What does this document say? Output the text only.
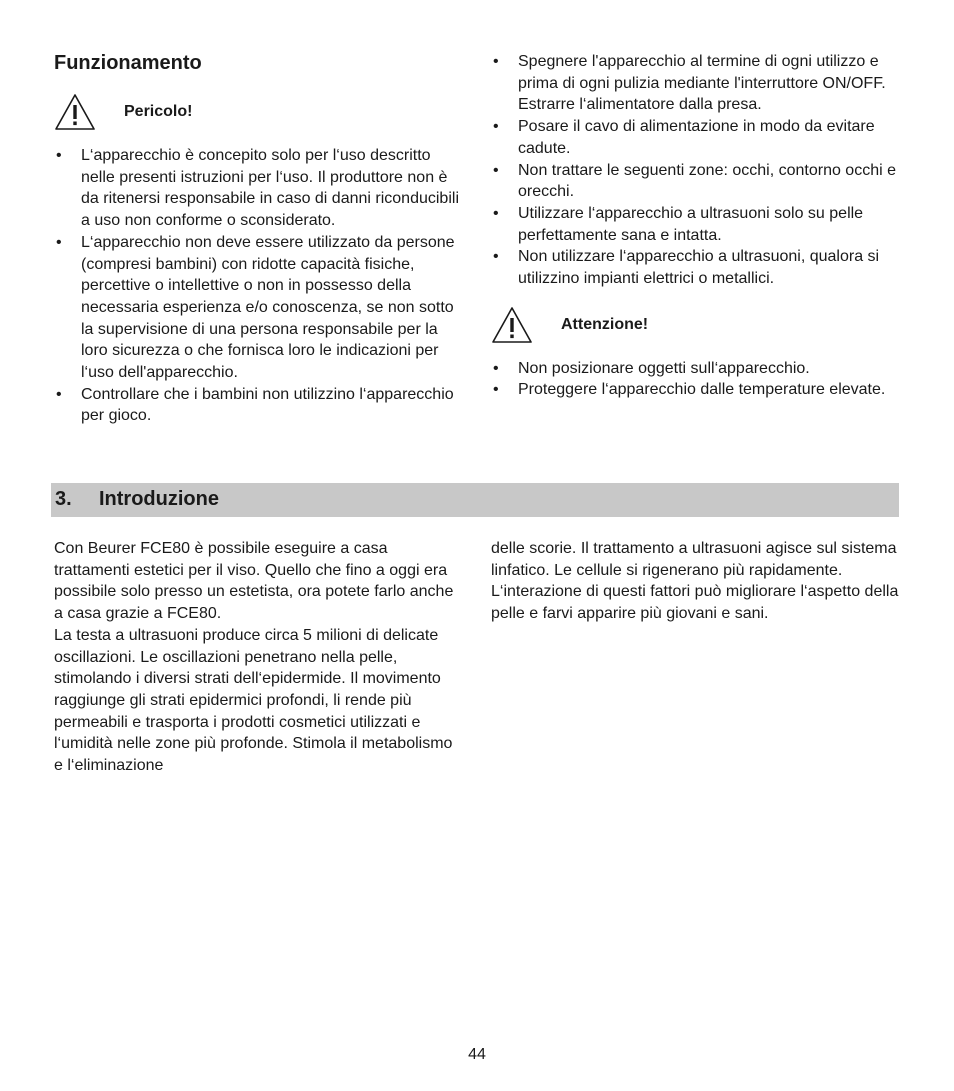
Funzionamento
Pericolo!
• L‘apparecchio è concepito solo per l‘uso descritto nelle presenti istruzioni per l‘uso. Il produttore non è da ritenersi responsabile in caso di danni riconducibili a uso non conforme o sconsiderato.
• L‘apparecchio non deve essere utilizzato da persone (compresi bambini) con ridotte capacità fisiche, percettive o intellettive o non in possesso della necessaria esperienza e/o conoscenza, se non sotto la supervisione di una persona responsabile per la loro sicurezza o che fornisca loro le indicazioni per l‘uso dell'apparecchio.
• Controllare che i bambini non utilizzino l‘apparecchio per gioco.
• Spegnere l'apparecchio al termine di ogni utilizzo e prima di ogni pulizia mediante l'interruttore ON/OFF. Estrarre l‘alimentatore dalla presa.
• Posare il cavo di alimentazione in modo da evitare cadute.
• Non trattare le seguenti zone: occhi, contorno occhi e orecchi.
• Utilizzare l‘apparecchio a ultrasuoni solo su pelle perfettamente sana e intatta.
• Non utilizzare l‘apparecchio a ultrasuoni, qualora si utilizzino impianti elettrici o metallici.
Attenzione!
• Non posizionare oggetti sull‘apparecchio.
• Proteggere l‘apparecchio dalle temperature elevate.
3. Introduzione

Con Beurer FCE80 è possibile eseguire a casa trattamenti estetici per il viso. Quello che fino a oggi era possibile solo presso un estetista, ora potete farlo anche a casa grazie a FCE80.

La testa a ultrasuoni produce circa 5 milioni di delicate oscillazioni. Le oscillazioni penetrano nella pelle, stimolando i diversi strati dell‘epidermide. Il movimento raggiunge gli strati epidermici profondi, li rende più permeabili e trasporta i prodotti cosmetici utilizzati e l‘umidità nelle zone più profonde. Stimola il metabolismo e l‘eliminazione

delle scorie. Il trattamento a ultrasuoni agisce sul sistema linfatico. Le cellule si rigenerano più rapidamente. L‘interazione di questi fattori può migliorare l‘aspetto della pelle e farvi apparire più giovani e sani.

44
